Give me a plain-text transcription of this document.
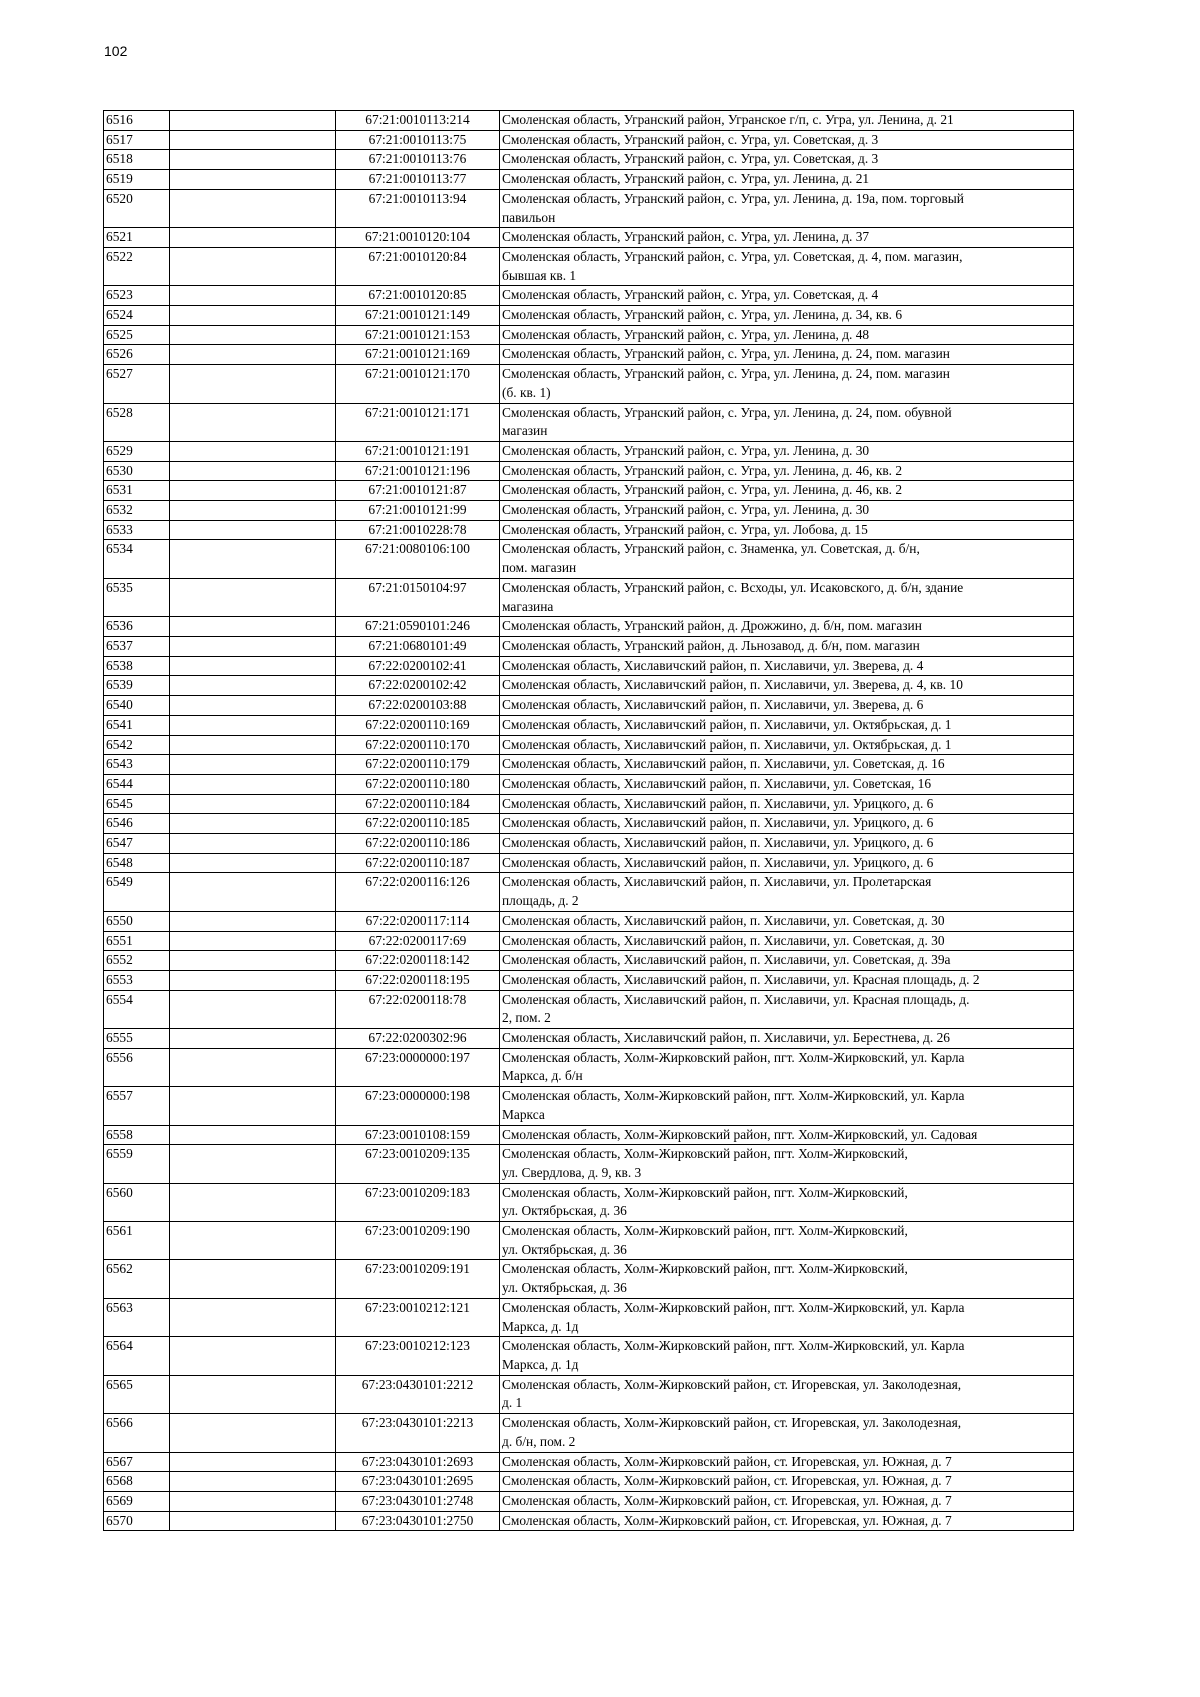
102
6516		67:21:0010113:214	Смоленская область, Угранский район, Угранское г/п, с. Угра, ул. Ленина, д. 21
6517		67:21:0010113:75	Смоленская область, Угранский район, с. Угра, ул. Советская, д. 3
6518		67:21:0010113:76	Смоленская область, Угранский район, с. Угра, ул. Советская, д. 3
6519		67:21:0010113:77	Смоленская область, Угранский район, с. Угра, ул. Ленина, д. 21
6520		67:21:0010113:94	Смоленская область, Угранский район, с. Угра, ул. Ленина, д. 19а, пом. торговый
павильон
6521		67:21:0010120:104	Смоленская область, Угранский район, с. Угра, ул. Ленина, д. 37
6522		67:21:0010120:84	Смоленская область, Угранский район, с. Угра, ул. Советская, д. 4, пом. магазин,
бывшая кв. 1
6523		67:21:0010120:85	Смоленская область, Угранский район, с. Угра, ул. Советская, д. 4
6524		67:21:0010121:149	Смоленская область, Угранский район, с. Угра, ул. Ленина, д. 34, кв. 6
6525		67:21:0010121:153	Смоленская область, Угранский район, с. Угра, ул. Ленина, д. 48
6526		67:21:0010121:169	Смоленская область, Угранский район, с. Угра, ул. Ленина, д. 24, пом. магазин
6527		67:21:0010121:170	Смоленская область, Угранский район, с. Угра, ул. Ленина, д. 24, пом. магазин
(б. кв. 1)
6528		67:21:0010121:171	Смоленская область, Угранский район, с. Угра, ул. Ленина, д. 24, пом. обувной
магазин
6529		67:21:0010121:191	Смоленская область, Угранский район, с. Угра, ул. Ленина, д. 30
6530		67:21:0010121:196	Смоленская область, Угранский район, с. Угра, ул. Ленина, д. 46, кв. 2
6531		67:21:0010121:87	Смоленская область, Угранский район, с. Угра, ул. Ленина, д. 46, кв. 2
6532		67:21:0010121:99	Смоленская область, Угранский район, с. Угра, ул. Ленина, д. 30
6533		67:21:0010228:78	Смоленская область, Угранский район, с. Угра, ул. Лобова, д. 15
6534		67:21:0080106:100	Смоленская область, Угранский район, с. Знаменка, ул. Советская, д. б/н,
пом. магазин
6535		67:21:0150104:97	Смоленская область, Угранский район, с. Всходы, ул. Исаковского, д. б/н, здание
магазина
6536		67:21:0590101:246	Смоленская область, Угранский район, д. Дрожжино, д. б/н, пом. магазин
6537		67:21:0680101:49	Смоленская область, Угранский район, д. Льнозавод, д. б/н, пом. магазин
6538		67:22:0200102:41	Смоленская область, Хиславичский район, п. Хиславичи, ул. Зверева, д. 4
6539		67:22:0200102:42	Смоленская область, Хиславичский район, п. Хиславичи, ул. Зверева, д. 4, кв. 10
6540		67:22:0200103:88	Смоленская область, Хиславичский район, п. Хиславичи, ул. Зверева, д. 6
6541		67:22:0200110:169	Смоленская область, Хиславичский район, п. Хиславичи, ул. Октябрьская, д. 1
6542		67:22:0200110:170	Смоленская область, Хиславичский район, п. Хиславичи, ул. Октябрьская, д. 1
6543		67:22:0200110:179	Смоленская область, Хиславичский район, п. Хиславичи, ул. Советская, д. 16
6544		67:22:0200110:180	Смоленская область, Хиславичский район, п. Хиславичи, ул. Советская, 16
6545		67:22:0200110:184	Смоленская область, Хиславичский район, п. Хиславичи, ул. Урицкого, д. 6
6546		67:22:0200110:185	Смоленская область, Хиславичский район, п. Хиславичи, ул. Урицкого, д. 6
6547		67:22:0200110:186	Смоленская область, Хиславичский район, п. Хиславичи, ул. Урицкого, д. 6
6548		67:22:0200110:187	Смоленская область, Хиславичский район, п. Хиславичи, ул. Урицкого, д. 6
6549		67:22:0200116:126	Смоленская область, Хиславичский район, п. Хиславичи, ул. Пролетарская
площадь, д. 2
6550		67:22:0200117:114	Смоленская область, Хиславичский район, п. Хиславичи, ул. Советская, д. 30
6551		67:22:0200117:69	Смоленская область, Хиславичский район, п. Хиславичи, ул. Советская, д. 30
6552		67:22:0200118:142	Смоленская область, Хиславичский район, п. Хиславичи, ул. Советская, д. 39а
6553		67:22:0200118:195	Смоленская область, Хиславичский район, п. Хиславичи, ул. Красная площадь, д. 2
6554		67:22:0200118:78	Смоленская область, Хиславичский район, п. Хиславичи, ул. Красная площадь, д.
2, пом. 2
6555		67:22:0200302:96	Смоленская область, Хиславичский район, п. Хиславичи, ул. Берестнева, д. 26
6556		67:23:0000000:197	Смоленская область, Холм-Жирковский район, пгт. Холм-Жирковский, ул. Карла
Маркса, д. б/н
6557		67:23:0000000:198	Смоленская область, Холм-Жирковский район, пгт. Холм-Жирковский, ул. Карла
Маркса
6558		67:23:0010108:159	Смоленская область, Холм-Жирковский район, пгт. Холм-Жирковский, ул. Садовая
6559		67:23:0010209:135	Смоленская область, Холм-Жирковский район, пгт. Холм-Жирковский,
ул. Свердлова, д. 9, кв. 3
6560		67:23:0010209:183	Смоленская область, Холм-Жирковский район, пгт. Холм-Жирковский,
ул. Октябрьская, д. 36
6561		67:23:0010209:190	Смоленская область, Холм-Жирковский район, пгт. Холм-Жирковский,
ул. Октябрьская, д. 36
6562		67:23:0010209:191	Смоленская область, Холм-Жирковский район, пгт. Холм-Жирковский,
ул. Октябрьская, д. 36
6563		67:23:0010212:121	Смоленская область, Холм-Жирковский район, пгт. Холм-Жирковский, ул. Карла
Маркса, д. 1д
6564		67:23:0010212:123	Смоленская область, Холм-Жирковский район, пгт. Холм-Жирковский, ул. Карла
Маркса, д. 1д
6565		67:23:0430101:2212	Смоленская область, Холм-Жирковский район, ст. Игоревская, ул. Заколодезная,
д. 1
6566		67:23:0430101:2213	Смоленская область, Холм-Жирковский район, ст. Игоревская, ул. Заколодезная,
д. б/н, пом. 2
6567		67:23:0430101:2693	Смоленская область, Холм-Жирковский район, ст. Игоревская, ул. Южная, д. 7
6568		67:23:0430101:2695	Смоленская область, Холм-Жирковский район, ст. Игоревская, ул. Южная, д. 7
6569		67:23:0430101:2748	Смоленская область, Холм-Жирковский район, ст. Игоревская, ул. Южная, д. 7
6570		67:23:0430101:2750	Смоленская область, Холм-Жирковский район, ст. Игоревская, ул. Южная, д. 7
